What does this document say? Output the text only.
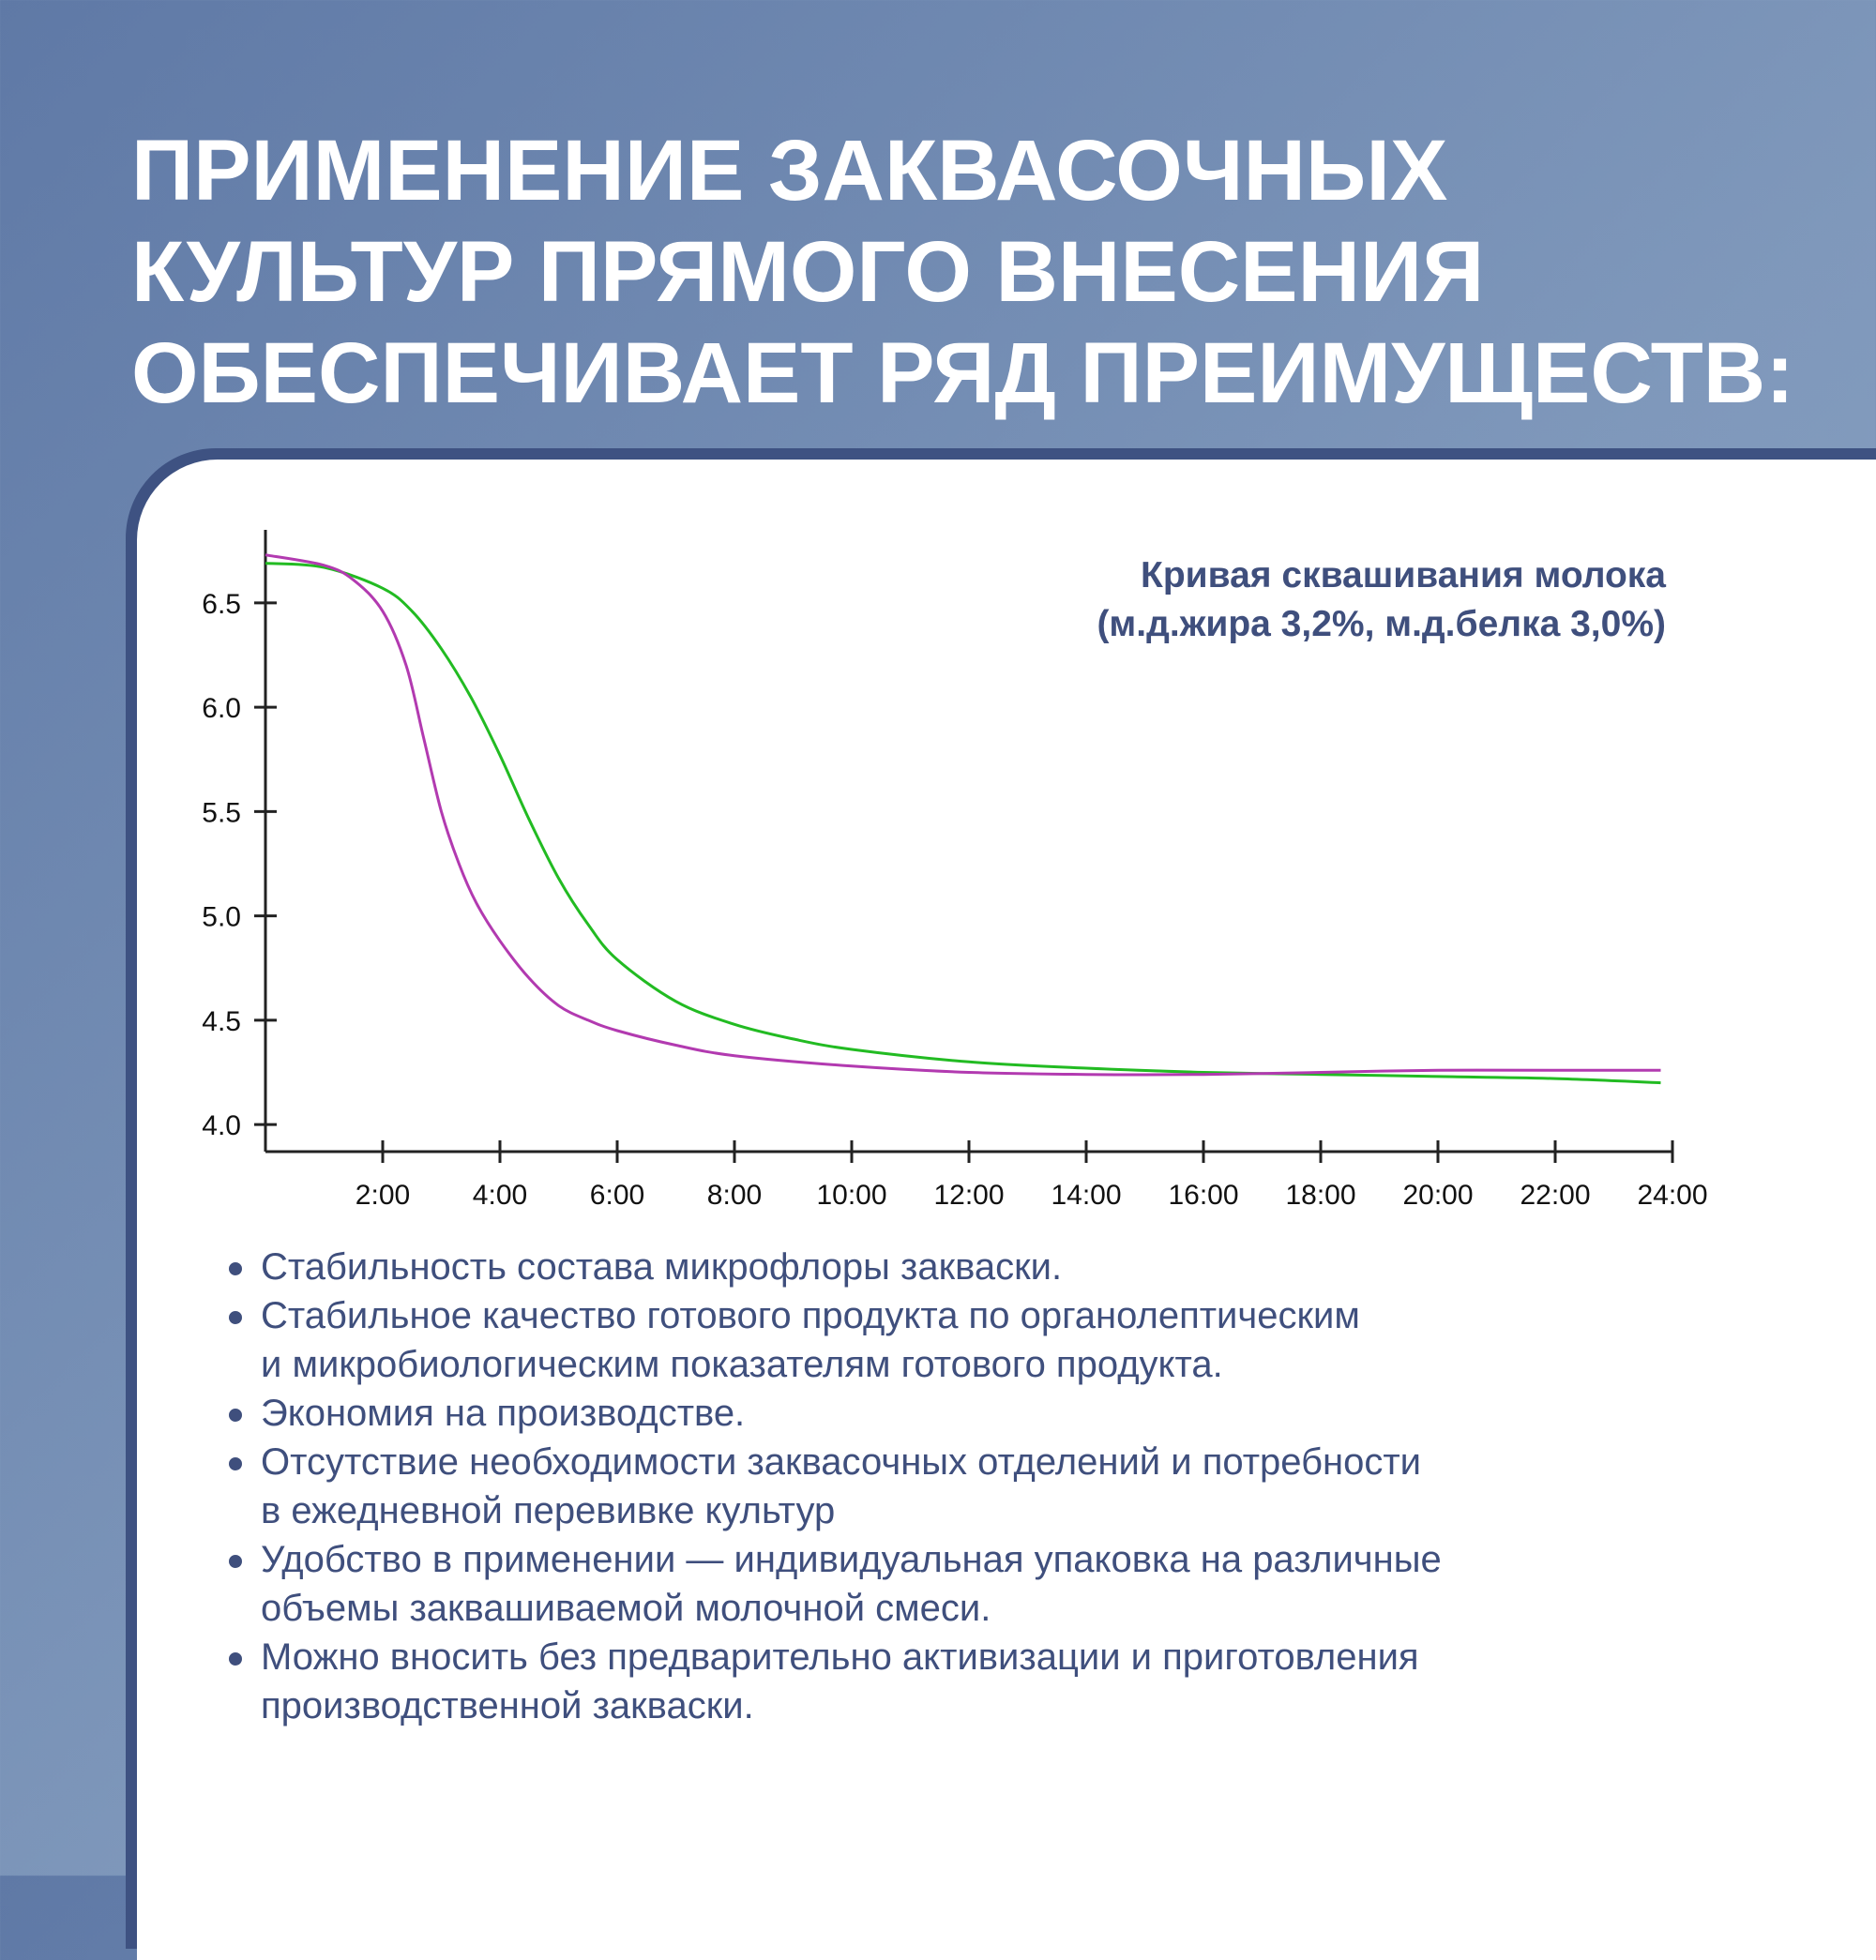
ПРИМЕНЕНИЕ ЗАКВАСОЧНЫХ
КУЛЬТУР ПРЯМОГО ВНЕСЕНИЯ
ОБЕСПЕЧИВАЕТ РЯД ПРЕИМУЩЕСТВ:
4.0
4.5
5.0
5.5
6.0
6.5
2:00 4:00 6:00 8:00 10:00 12:00 14:00 16:00 18:00 20:00 22:00 24:00
Кривая сквашивания молока
(м.д.жира 3,2%, м.д.белка 3,0%)
Стабильность состава микрофлоры закваски.
Стабильное качество готового продукта по органолептическим
и микробиологическим показателям готового продукта.
Экономия на производстве.
Отсутствие необходимости заквасочных отделений и потребности
в ежедневной перевивке культур
Удобство в применении — индивидуальная упаковка на различные
объемы заквашиваемой молочной смеси.
Можно вносить без предварительно активизации и приготовления
производственной закваски.
